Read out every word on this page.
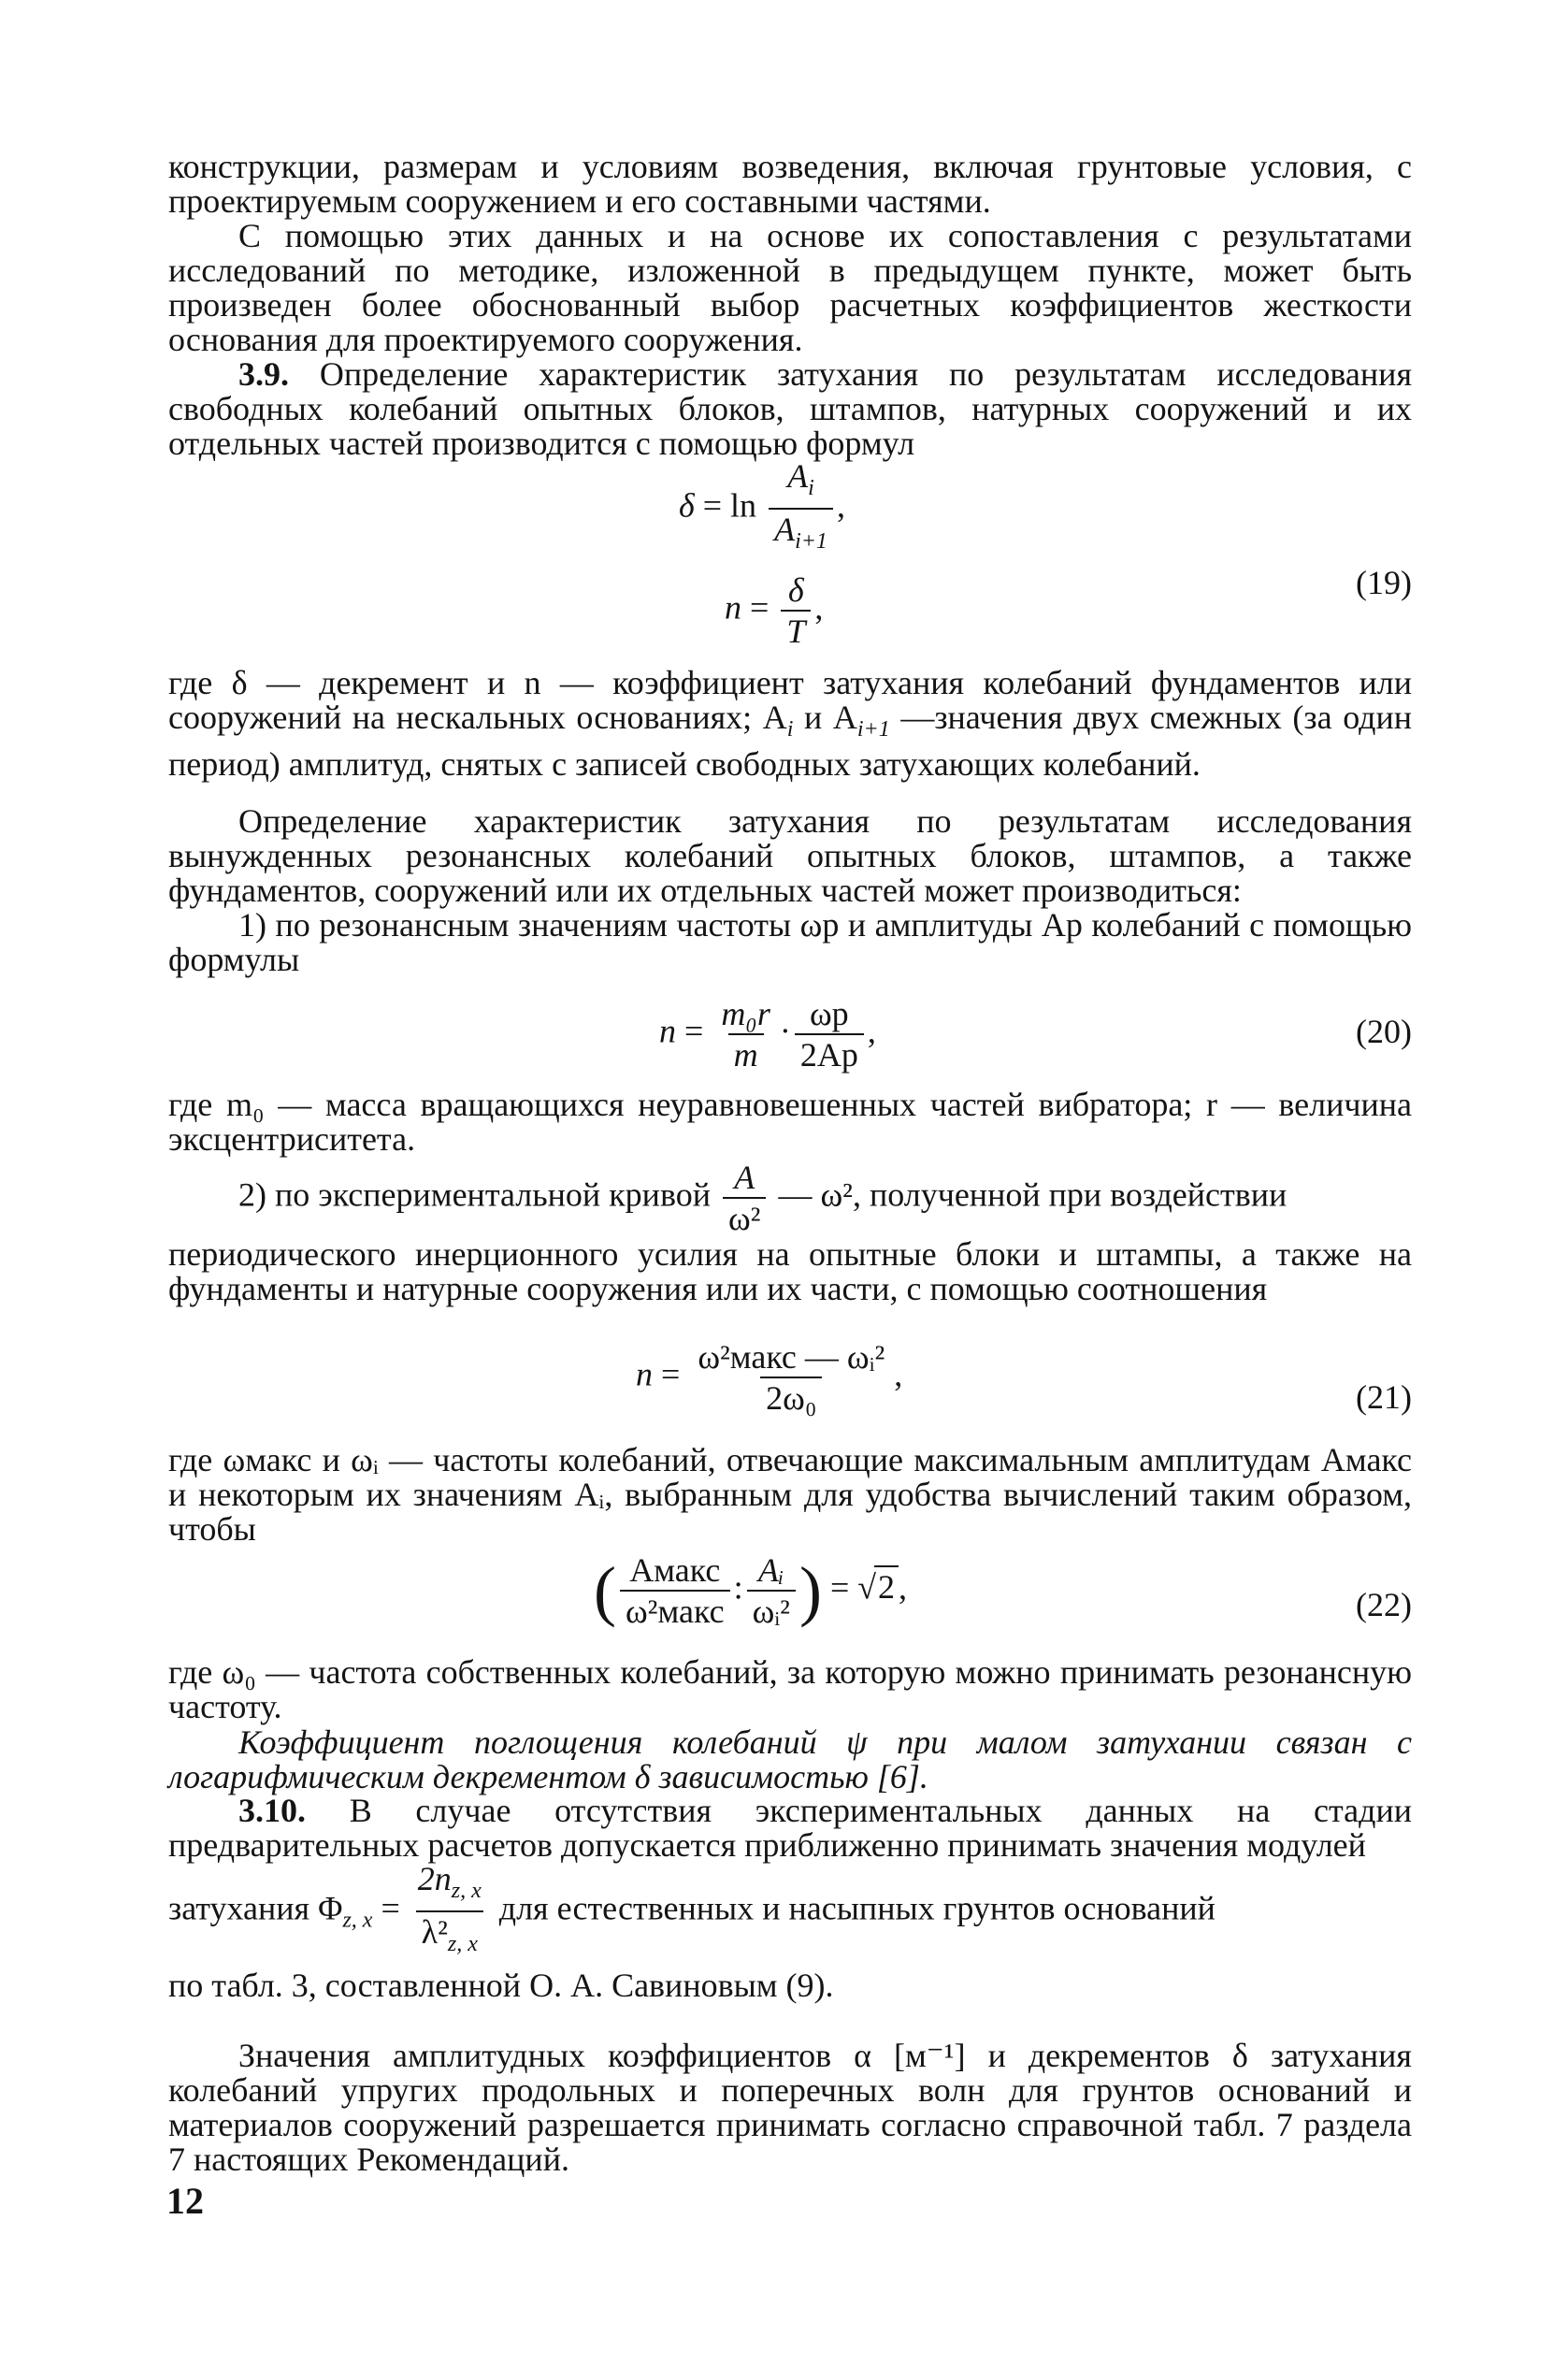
конструкции, размерам и условиям возведения, включая грунтовые условия, с проектируемым сооружением и его составными частями.

С помощью этих данных и на основе их сопоставления с результатами исследований по методике, изложенной в предыдущем пункте, может быть произведен более обоснованный выбор расчетных коэффициентов жесткости основания для проектируемого сооружения.

3.9. Определение характеристик затухания по результатам исследования свободных колебаний опытных блоков, штампов, натурных сооружений и их отдельных частей производится с помощью формул

$\delta = \ln \frac{A_i}{A_{i+1}}$ ,
$n = \frac{\delta}{T}$ ,
(19)

где δ — декремент и n — коэффициент затухания колебаний фундаментов или сооружений на нескальных основаниях; $A_i$ и $A_{i+1}$ —значения двух смежных (за один период) амплитуд, снятых с записей свободных затухающих колебаний.

Определение характеристик затухания по результатам исследования вынужденных резонансных колебаний опытных блоков, штампов, а также фундаментов, сооружений или их отдельных частей может производиться:

1) по резонансным значениям частоты ωр и амплитуды Aр колебаний с помощью формулы

$n = \frac{\text{m₀r}}{m} \cdot \frac{\omega р}{2Aр}$ ,	(20)

где m₀ — масса вращающихся неуравновешенных частей вибратора; r — величина эксцентриситета.

2) по экспериментальной кривой $\frac{A}{\text{ω²}}$ — ω², полученной при воздействии

периодического инерционного усилия на опытные блоки и штампы, а также на фундаменты и натурные сооружения или их части, с помощью соотношения

$n = \frac{\text{ω²макс — ωᵢ²}}{\text{2ω₀}}$ ,
(21)

где ωмакс и ωᵢ — частоты колебаний, отвечающие максимальным амплитудам Aмакс и некоторым их значениям Aᵢ, выбранным для удобства вычислений таким образом, чтобы

( $\frac{\text{Aмакс}}{\text{ω²макс}}$ : $\frac{\text{Aᵢ}}{\text{ωᵢ²}}$ ) = √2 ,	(22)

где ω₀ — частота собственных колебаний, за которую можно принимать резонансную частоту.

Коэффициент поглощения колебаний ψ при малом затухании связан с логарифмическим декрементом δ зависимостью [6].

3.10. В случае отсутствия экспериментальных данных на стадии предварительных расчетов допускается приближенно принимать значения модулей

затухания $\Phi_{z, x} = \frac{2n_{z, x}}{\lambda^2_{z, x}}$ для естественных и насыпных грунтов оснований

по табл. 3, составленной О. А. Савиновым (9).

Значения амплитудных коэффициентов α [м⁻¹] и декрементов δ затухания колебаний упругих продольных и поперечных волн для грунтов оснований и материалов сооружений разрешается принимать согласно справочной табл. 7 раздела 7 настоящих Рекомендаций.

12
